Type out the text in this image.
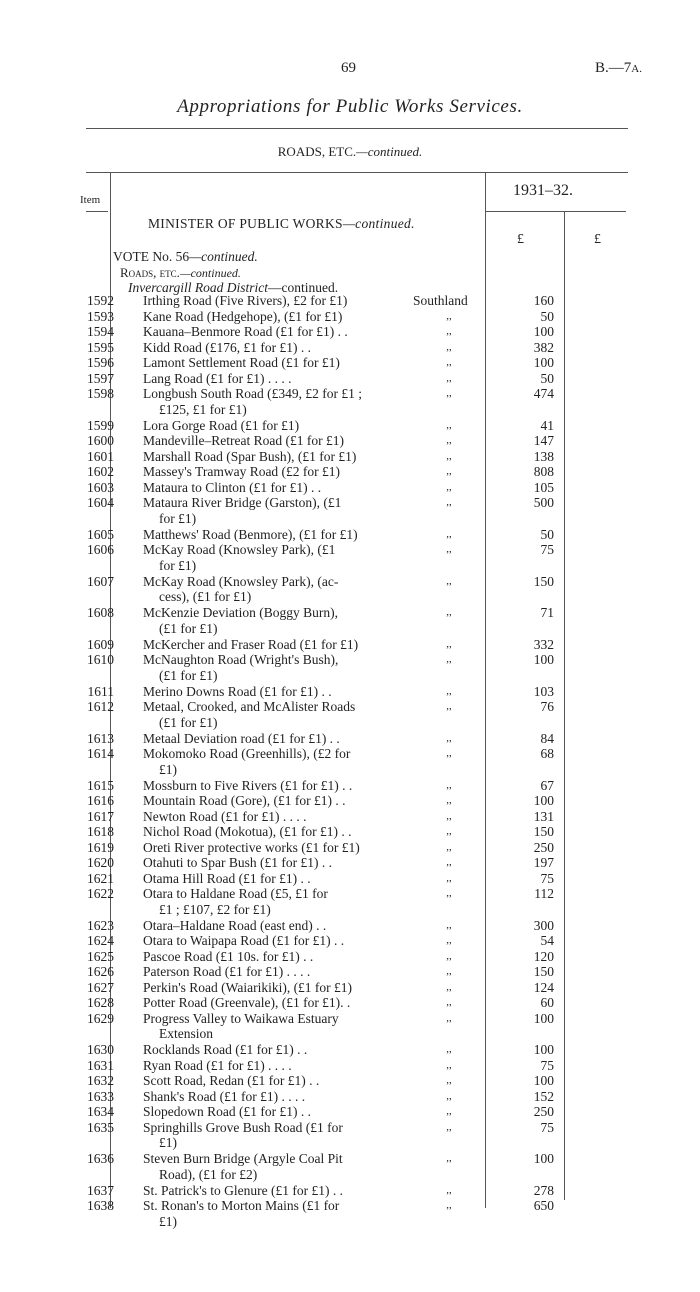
69	B.—7A.
Appropriations for Public Works Services.
ROADS, ETC.—continued.
Item
1931–32.
£	£
MINISTER OF PUBLIC WORKS—continued.
VOTE No. 56—continued.
Roads, etc.—continued.
Invercargill Road District—continued.
1592 Irthing Road (Five Rivers), £2 for £1)	Southland	160
1593 Kane Road (Hedgehope), (£1 for £1)	,,	50
1594 Kauana–Benmore Road (£1 for £1) . .	,,	100
1595 Kidd Road (£176, £1 for £1) . .	,,	382
1596 Lamont Settlement Road (£1 for £1)	,,	100
1597 Lang Road (£1 for £1) . . . .	,,	50
1598 Longbush South Road (£349, £2 for £1 ;
£125, £1 for £1)
,,	474
1599 Lora Gorge Road (£1 for £1)	,,	41
1600 Mandeville–Retreat Road (£1 for £1)	,,	147
1601 Marshall Road (Spar Bush), (£1 for £1)	,,	138
1602 Massey's Tramway Road (£2 for £1)	,,	808
1603 Mataura to Clinton (£1 for £1) . .	,,	105
1604 Mataura River Bridge (Garston), (£1
for £1)
,,	500
1605 Matthews' Road (Benmore), (£1 for £1)	,,	50
1606 McKay Road (Knowsley Park), (£1
for £1)
,,	75
1607 McKay Road (Knowsley Park), (ac-
cess), (£1 for £1)
,,	150
1608 McKenzie Deviation (Boggy Burn),
(£1 for £1)
,,	71
1609 McKercher and Fraser Road (£1 for £1)	,,	332
1610 McNaughton Road (Wright's Bush),
(£1 for £1)
,,	100
1611 Merino Downs Road (£1 for £1) . .	,,	103
1612 Metaal, Crooked, and McAlister Roads
(£1 for £1)
,,	76
1613 Metaal Deviation road (£1 for £1) . .	,,	84
1614 Mokomoko Road (Greenhills), (£2 for
£1)
,,	68
1615 Mossburn to Five Rivers (£1 for £1) . .	,,	67
1616 Mountain Road (Gore), (£1 for £1) . .	,,	100
1617 Newton Road (£1 for £1) . . . .	,,	131
1618 Nichol Road (Mokotua), (£1 for £1) . .	,,	150
1619 Oreti River protective works (£1 for £1)	,,	250
1620 Otahuti to Spar Bush (£1 for £1) . .	,,	197
1621 Otama Hill Road (£1 for £1) . .	,,	75
1622 Otara to Haldane Road (£5, £1 for
£1 ; £107, £2 for £1)
,,	112
1623 Otara–Haldane Road (east end) . .	,,	300
1624 Otara to Waipapa Road (£1 for £1) . .	,,	54
1625 Pascoe Road (£1 10s. for £1) . .	,,	120
1626 Paterson Road (£1 for £1) . . . .	,,	150
1627 Perkin's Road (Waiarikiki), (£1 for £1)	,,	124
1628 Potter Road (Greenvale), (£1 for £1). .	,,	60
1629 Progress Valley to Waikawa Estuary
Extension
,,	100
1630 Rocklands Road (£1 for £1) . .	,,	100
1631 Ryan Road (£1 for £1) . . . .	,,	75
1632 Scott Road, Redan (£1 for £1) . .	,,	100
1633 Shank's Road (£1 for £1) . . . .	,,	152
1634 Slopedown Road (£1 for £1) . .	,,	250
1635 Springhills Grove Bush Road (£1 for
£1)
,,	75
1636 Steven Burn Bridge (Argyle Coal Pit
Road), (£1 for £2)
,,	100
1637 St. Patrick's to Glenure (£1 for £1) . .	,,	278
1638 St. Ronan's to Morton Mains (£1 for
£1)
,,	650
